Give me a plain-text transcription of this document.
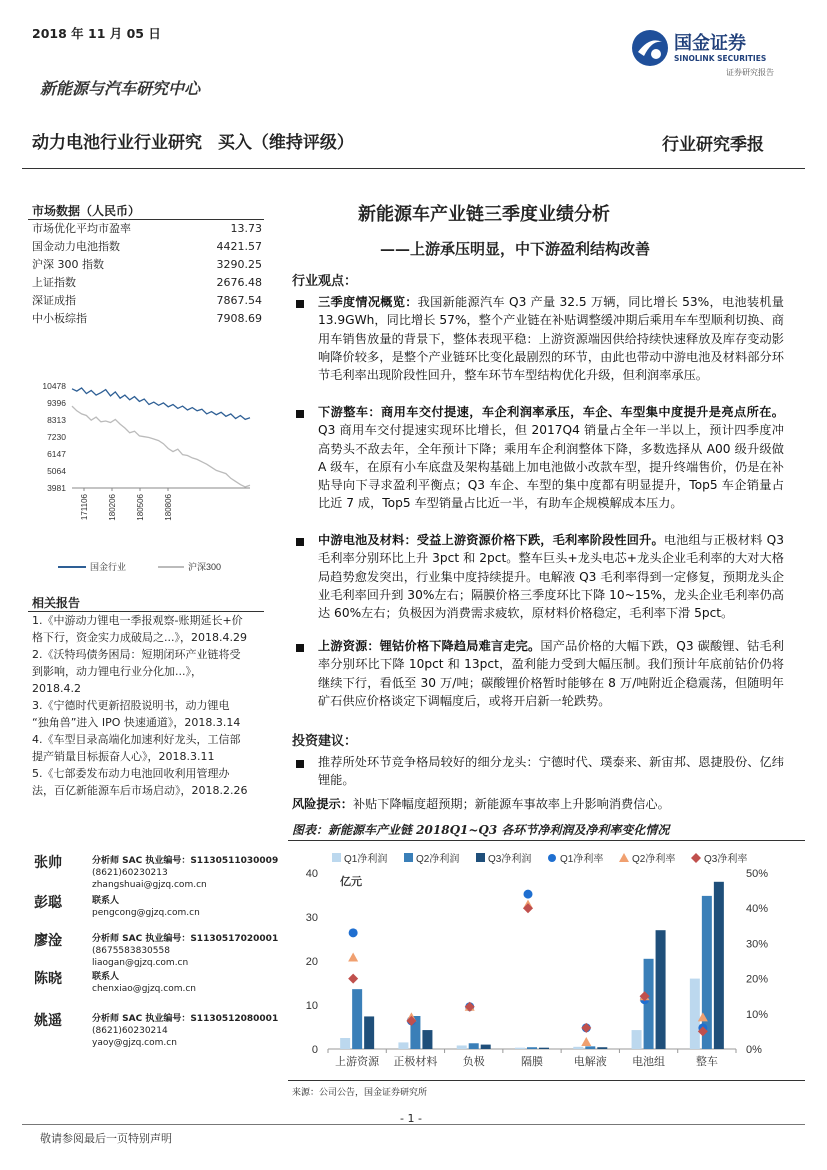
2018 年 11 月 05 日
新能源与汽车研究中心
动力电池行业行业研究 买入（维持评级）	行业研究季报
国金证券
SINOLINK SECURITIES
证券研究报告
市场数据（人民币）
市场优化平均市盈率	13.73
国金动力电池指数	4421.57
沪深 300 指数	3290.25
上证指数	2676.48
深证成指	7867.54
中小板综指	7908.69
10478
9396
8313
7230
6147
5064
3981
171106 180206 180506 180806
国金行业	沪深300
相关报告
1.《中游动力锂电一季报观察-账期延长+价
格下行，资金实力成破局之...》，2018.4.29
2.《沃特玛债务困局：短期闭环产业链将受
到影响，动力锂电行业分化加...》，
2018.4.2
3.《宁德时代更新招股说明书，动力锂电
“独角兽”进入 IPO 快速通道》，2018.3.14
4.《车型目录高端化加速利好龙头，工信部
提产销量目标振奋人心》，2018.3.11
5.《七部委发布动力电池回收利用管理办
法，百亿新能源车后市场启动》，2018.2.26
张帅	分析师 SAC 执业编号：S1130511030009
(8621)60230213
zhangshuai@gjzq.com.cn
彭聪	联系人
pengcong@gjzq.com.cn
廖淦	分析师 SAC 执业编号：S1130517020001
(8675583830558
liaogan@gjzq.com.cn
陈晓	联系人
chenxiao@gjzq.com.cn
姚遥	分析师 SAC 执业编号：S1130512080001
(8621)60230214
yaoy@gjzq.com.cn
新能源车产业链三季度业绩分析
——上游承压明显，中下游盈利结构改善
行业观点：
三季度情况概览：我国新能源汽车 Q3 产量 32.5 万辆，同比增长 53%，电池装机量 13.9GWh，同比增长 57%，整个产业链在补贴调整缓冲期后乘用车车型顺利切换、商用车销售放量的背景下，整体表现平稳：上游资源端因供给持续快速释放及库存变动影响降价较多，是整个产业链环比变化最剧烈的环节，由此也带动中游电池及材料部分环节毛利率出现阶段性回升，整车环节车型结构优化升级，但利润率承压。
下游整车：商用车交付提速，车企利润率承压，车企、车型集中度提升是亮点所在。Q3 商用车交付提速实现环比增长，但 2017Q4 销量占全年一半以上，预计四季度冲高势头不敌去年，全年预计下降；乘用车企利润整体下降，多数选择从 A00 级升级做 A 级车，在原有小车底盘及架构基础上加电池做小改款车型，提升终端售价，仍是在补贴导向下寻求盈利平衡点；Q3 车企、车型的集中度都有明显提升，Top5 车企销量占比近 7 成，Top5 车型销量占比近一半，有助车企规模解成本压力。
中游电池及材料：受益上游资源价格下跌，毛利率阶段性回升。电池组与正极材料 Q3 毛利率分别环比上升 3pct 和 2pct。整车巨头+龙头电芯+龙头企业毛利率的大对大格局趋势愈发突出，行业集中度持续提升。电解液 Q3 毛利率得到一定修复，预期龙头企业毛利率回升到 30%左右；隔膜价格三季度环比下降 10~15%，龙头企业毛利率仍高达 60%左右；负极因为消费需求疲软，原材料价格稳定，毛利率下滑 5pct。
上游资源：锂钴价格下降趋局难言走完。国产品价格的大幅下跌，Q3 碳酸锂、钴毛利率分别环比下降 10pct 和 13pct，盈利能力受到大幅压制。我们预计年底前钴价仍将继续下行，看低至 30 万/吨；碳酸锂价格暂时能够在 8 万/吨附近企稳震荡，但随明年矿石供应价格谈定下调幅度后，或将开启新一轮跌势。
投资建议：
推荐所处环节竞争格局较好的细分龙头：宁德时代、璞泰来、新宙邦、恩捷股份、亿纬锂能。
风险提示：补贴下降幅度超预期；新能源车事故率上升影响消费信心。
图表：新能源车产业链 2018Q1~Q3 各环节净利润及净利率变化情况
40
30
20
10
0
50%
40%
30%
20%
10%
0%
亿元
上游资源 正极材料 负极	隔膜	电解液 电池组	整车
Q1净利润	Q2净利润	Q3净利润	Q1净利率	Q2净利率	Q3净利率
来源：公司公告，国金证券研究所
- 1 -
敬请参阅最后一页特别声明
